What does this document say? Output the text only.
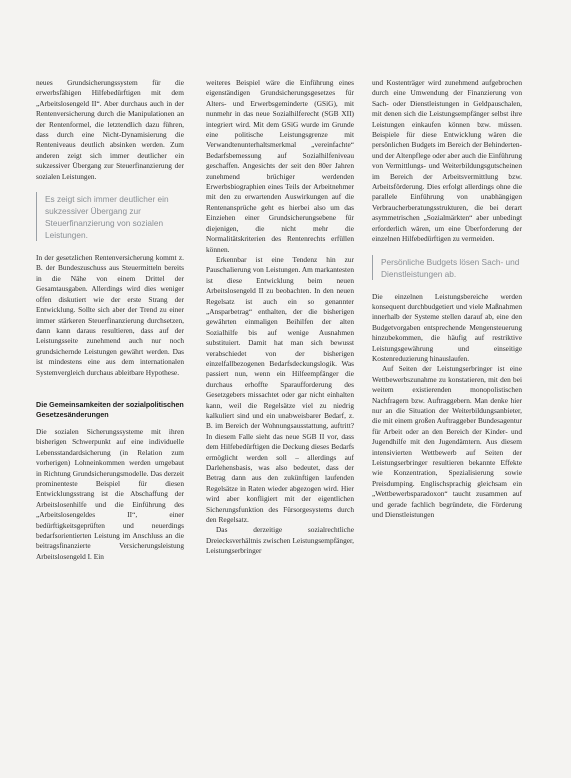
neues Grundsicherungssystem für die erwerbsfähigen Hilfebedürftigen mit dem „Arbeitslosengeld II“. Aber durchaus auch in der Rentenversicherung durch die Manipulationen an der Rentenformel, die letztendlich dazu führen, dass durch eine Nicht-Dynamisierung die Renteniveaus deutlich absinken werden. Zum anderen zeigt sich immer deutlicher ein sukzessiver Übergang zur Steuerfinanzierung der sozialen Leistungen.

Es zeigt sich immer deutlicher ein sukzessiver Übergang zur Steuerfinanzierung von sozialen Leistungen.

In der gesetzlichen Rentenversicherung kommt z. B. der Bundeszuschuss aus Steuermitteln bereits in die Nähe von einem Drittel der Gesamtausgaben. Allerdings wird dies weniger offen diskutiert wie der erste Strang der Entwicklung. Sollte sich aber der Trend zu einer immer stärkeren Steuerfinanzierung durchsetzen, dann kann daraus resultieren, dass auf der Leistungsseite zunehmend auch nur noch grundsichernde Leistungen gewährt werden. Das ist mindestens eine aus dem internationalen Systemvergleich durchaus ableitbare Hypothese.

Die Gemeinsamkeiten der sozialpolitischen Gesetzesänderungen

Die sozialen Sicherungssysteme mit ihren bisherigen Schwerpunkt auf eine individuelle Lebensstandardsicherung (in Relation zum vorherigen) Lohneinkommen werden umgebaut in Richtung Grundsicherungsmodelle. Das derzeit prominenteste Beispiel für diesen Entwicklungsstrang ist die Abschaffung der Arbeitslosenhilfe und die Einführung des „Arbeitslosengeldes II“, einer bedürftigkeitsgeprüften und neuerdings bedarfsorientierten Leistung im Anschluss an die beitragsfinanzierte Versicherungsleistung Arbeitslosengeld I. Ein

weiteres Beispiel wäre die Einführung eines eigenständigen Grundsicherungsgesetzes für Alters- und Erwerbsgeminderte (GSiG), mit nunmehr in das neue Sozialhilferecht (SGB XII) integriert wird. Mit dem GSiG wurde im Grunde eine politische Leistungsgrenze mit Verwandtenunterhaltsmerkmal „vereinfachte“ Bedarfsbemessung auf Sozialhilfeniveau geschaffen. Angesichts der seit den 80er Jahren zunehmend brüchiger werdenden Erwerbsbiographien eines Teils der Arbeitnehmer mit den zu erwartenden Auswirkungen auf die Rentenansprüche geht es hierbei also um das Einziehen einer Grundsicherungsebene für diejenigen, die nicht mehr die Normalitätskriterien des Rentenrechts erfüllen können.

Erkennbar ist eine Tendenz hin zur Pauschalierung von Leistungen. Am markantesten ist diese Entwicklung beim neuen Arbeitslosengeld II zu beobachten. In den neuen Regelsatz ist auch ein so genannter „Ansparbetrag“ enthalten, der die bisherigen gewährten einmaligen Beihilfen der alten Sozialhilfe bis auf wenige Ausnahmen substituiert. Damit hat man sich bewusst verabschiedet von der bisherigen einzelfallbezogenen Bedarfsdeckungslogik. Was passiert nun, wenn ein Hilfeempfänger die durchaus erhoffte Sparaufforderung des Gesetzgebers missachtet oder gar nicht einhalten kann, weil die Regelsätze viel zu niedrig kalkuliert sind und ein unabweisbarer Bedarf, z. B. im Bereich der Wohnungsausstattung, auftritt? In diesem Falle sieht das neue SGB II vor, dass dem Hilfebedürftigen die Deckung dieses Bedarfs ermöglicht werden soll – allerdings auf Darlehensbasis, was also bedeutet, dass der Betrag dann aus den zukünftigen laufenden Regelsätze in Raten wieder abgezogen wird. Hier wird aber konfligiert mit der eigentlichen Sicherungsfunktion des Fürsorgesystems durch den Regelsatz.

Das derzeitige sozialrechtliche Dreiecksverhältnis zwischen Leistungsempfänger, Leistungserbringer

und Kostenträger wird zunehmend aufgebrochen durch eine Umwendung der Finanzierung von Sach- oder Dienstleistungen in Geldpauschalen, mit denen sich die Leistungsempfänger selbst ihre Leistungen einkaufen können bzw. müssen. Beispiele für diese Entwicklung wären die persönlichen Budgets im Bereich der Behinderten- und der Altenpflege oder aber auch die Einführung von Vermittlungs- und Weiterbildungsgutscheinen im Bereich der Arbeitsvermittlung bzw. Arbeitsförderung. Dies erfolgt allerdings ohne die parallele Einführung von unabhängigen Verbraucherberatungsstrukturen, die bei derart asymmetrischen „Sozialmärkten“ aber unbedingt erforderlich wären, um eine Überforderung der einzelnen Hilfebedürftigen zu vermeiden.

Persönliche Budgets lösen Sach- und Dienstleistungen ab.

Die einzelnen Leistungsbereiche werden konsequent durchbudgetiert und viele Maßnahmen innerhalb der Systeme stellen darauf ab, eine den Budgetvorgaben entsprechende Mengensteuerung hinzubekommen, die häufig auf restriktive Leistungsgewährung und einseitige Kostenreduzierung hinauslaufen.

Auf Seiten der Leistungserbringer ist eine Wettbewerbszunahme zu konstatieren, mit den bei weitem existierenden monopolistischen Nachfragern bzw. Auftraggebern. Man denke hier nur an die Situation der Weiterbildungsanbieter, die mit einem großen Auftraggeber Bundesagentur für Arbeit oder an den Bereich der Kinder- und Jugendhilfe mit den Jugendämtern. Aus diesem intensivierten Wettbewerb auf Seiten der Leistungserbringer resultieren bekannte Effekte wie Konzentration, Spezialisierung sowie Preisdumping. Englischsprachig gleichsam ein „Wettbewerbsparadoxon“ taucht zusammen auf und gerade fachlich begründete, die Förderung und Dienstleistungen
